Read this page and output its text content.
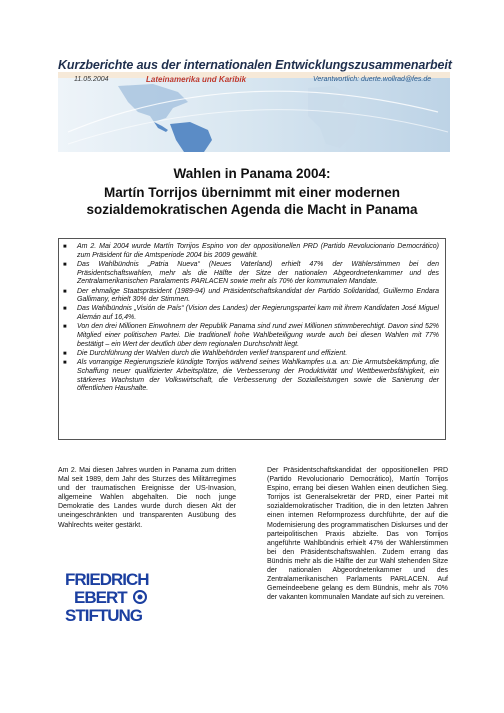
Kurzberichte aus der internationalen Entwicklungszusammenarbeit
11.05.2004	Lateinamerika und Karibik	Verantwortlich: duerte.wollrad@fes.de
Wahlen in Panama 2004:
Martín Torrijos übernimmt mit einer modernen
sozialdemokratischen Agenda die Macht in Panama
■ Am 2. Mai 2004 wurde Martín Torrijos Espino von der oppositionellen PRD (Partido Revolucionario Democrático) zum Präsident für die Amtsperiode 2004 bis 2009 gewählt.
■ Das Wahlbündnis „Patria Nueva“ (Neues Vaterland) erhielt 47% der Wählerstimmen bei den Präsidentschaftswahlen, mehr als die Hälfte der Sitze der nationalen Abgeordnetenkammer und des Zentralamerikanischen Paralaments PARLACEN sowie mehr als 70% der kommunalen Mandate.
■ Der ehmalige Staatspräsident (1989-94) und Präsidentschaftskandidat der Partido Solidaridad, Guillermo Endara Gallimany, erhielt 30% der Stimmen.
■ Das Wahlbündnis „Visión de País“ (Vision des Landes) der Regierungspartei kam mit ihrem Kandidaten José Miguel Alemán auf 16,4%.
■ Von den drei Millionen Einwohnern der Republik Panama sind rund zwei Millionen stimmberechtigt. Davon sind 52% Mitglied einer politischen Partei. Die traditionell hohe Wahlbeteiligung wurde auch bei diesen Wahlen mit 77% bestätigt – ein Wert der deutlich über dem regionalen Durchschnitt liegt.
■ Die Durchführung der Wahlen durch die Wahlbehörden verlief transparent und effizient.
■ Als vorrangige Regierungsziele kündigte Torrijos während seines Wahlkampfes u.a. an: Die Armutsbekämpfung, die Schaffung neuer qualifizierter Arbeitsplätze, die Verbesserung der Produktivität und Wettbewerbsfähigkeit, ein stärkeres Wachstum der Volkswirtschaft, die Verbesserung der Sozialleistungen sowie die Sanierung der öffentlichen Haushalte.
Am 2. Mai diesen Jahres wurden in Panama zum dritten Mal seit 1989, dem Jahr des Sturzes des Militärregimes und der traumatischen Ereignisse der US-Invasion, allgemeine Wahlen abgehalten. Die noch junge Demokratie des Landes wurde durch diesen Akt der uneingeschränkten und transparenten Ausübung des Wahlrechts weiter gestärkt.
FRIEDRICH
EBERT
STIFTUNG
Der Präsidentschaftskandidat der oppositionellen PRD (Partido Revolucionario Democrático), Martín Torrijos Espino, errang bei diesen Wahlen einen deutlichen Sieg. Torrijos ist Generalsekretär der PRD, einer Partei mit sozialdemokratischer Tradition, die in den letzten Jahren einen internen Reformprozess durchführte, der auf die Modernisierung des programmatischen Diskurses und der parteipolitischen Praxis abzielte. Das von Torrijos angeführte Wahlbündnis erhielt 47% der Wählerstimmen bei den Präsidentschaftswahlen. Zudem errang das Bündnis mehr als die Hälfte der zur Wahl stehenden Sitze der nationalen Abgeordnetenkammer und des Zentralamerikanischen Parlaments PARLACEN. Auf Gemeindeebene gelang es dem Bündnis, mehr als 70% der vakanten kommunalen Mandate auf sich zu vereinen.
